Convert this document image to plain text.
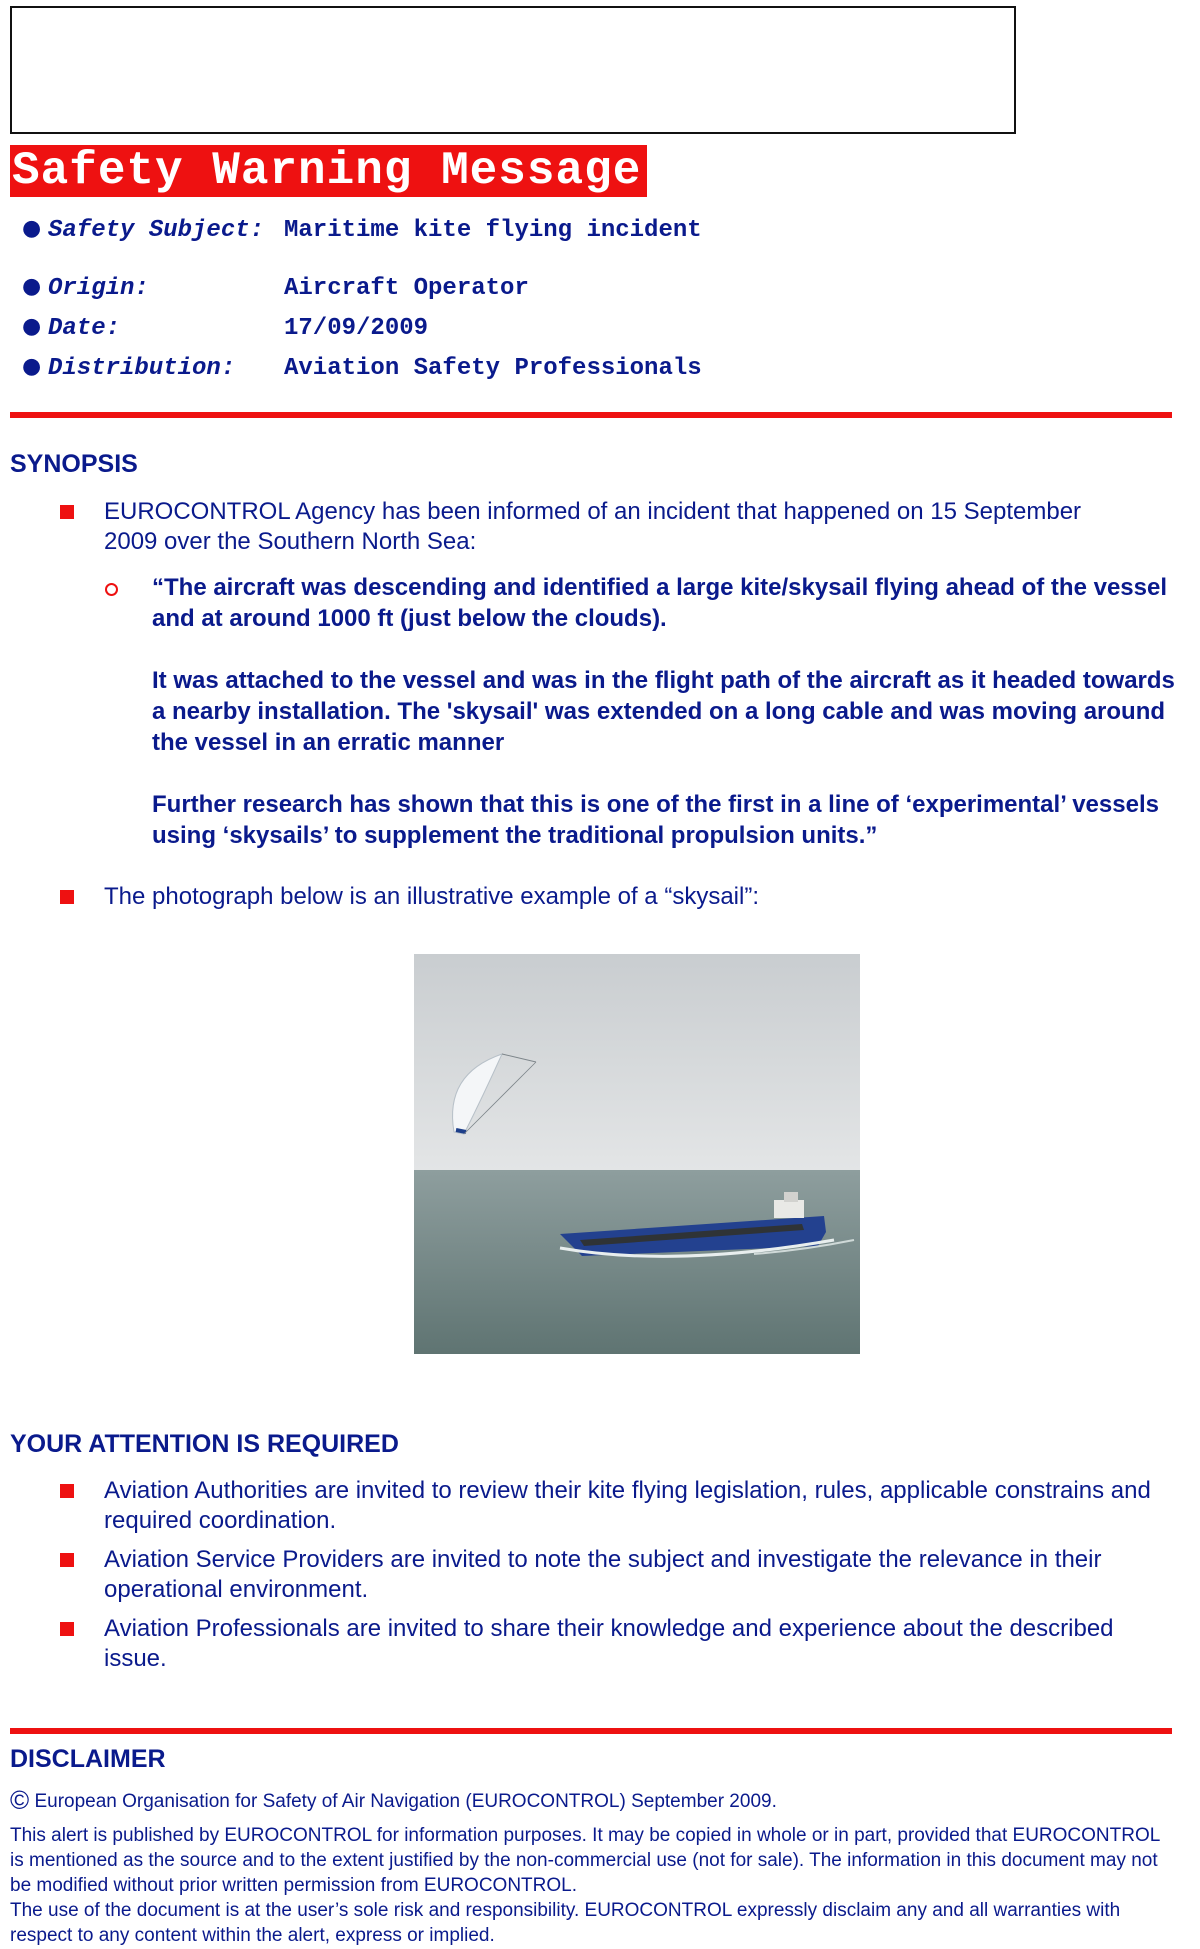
Safety Warning Message
● Safety Subject: Maritime kite flying incident
● Origin:	Aircraft Operator
● Date:	17/09/2009
● Distribution:	Aviation Safety Professionals
SYNOPSIS
EUROCONTROL Agency has been informed of an incident that happened on 15 September 2009 over the Southern North Sea:
“The aircraft was descending and identified a large kite/skysail flying ahead of the vessel and at around 1000 ft (just below the clouds).
It was attached to the vessel and was in the flight path of the aircraft as it headed towards a nearby installation. The 'skysail' was extended on a long cable and was moving around the vessel in an erratic manner
Further research has shown that this is one of the first in a line of ‘experimental’ vessels using ‘skysails’ to supplement the traditional propulsion units.”
The photograph below is an illustrative example of a “skysail”:
YOUR ATTENTION IS REQUIRED
Aviation Authorities are invited to review their kite flying legislation, rules, applicable constrains and required coordination.
Aviation Service Providers are invited to note the subject and investigate the relevance in their operational environment.
Aviation Professionals are invited to share their knowledge and experience about the described issue.
DISCLAIMER
© European Organisation for Safety of Air Navigation (EUROCONTROL) September 2009.
This alert is published by EUROCONTROL for information purposes. It may be copied in whole or in part, provided that EUROCONTROL is mentioned as the source and to the extent justified by the non-commercial use (not for sale). The information in this document may not be modified without prior written permission from EUROCONTROL.
The use of the document is at the user’s sole risk and responsibility. EUROCONTROL expressly disclaim any and all warranties with respect to any content within the alert, express or implied.
